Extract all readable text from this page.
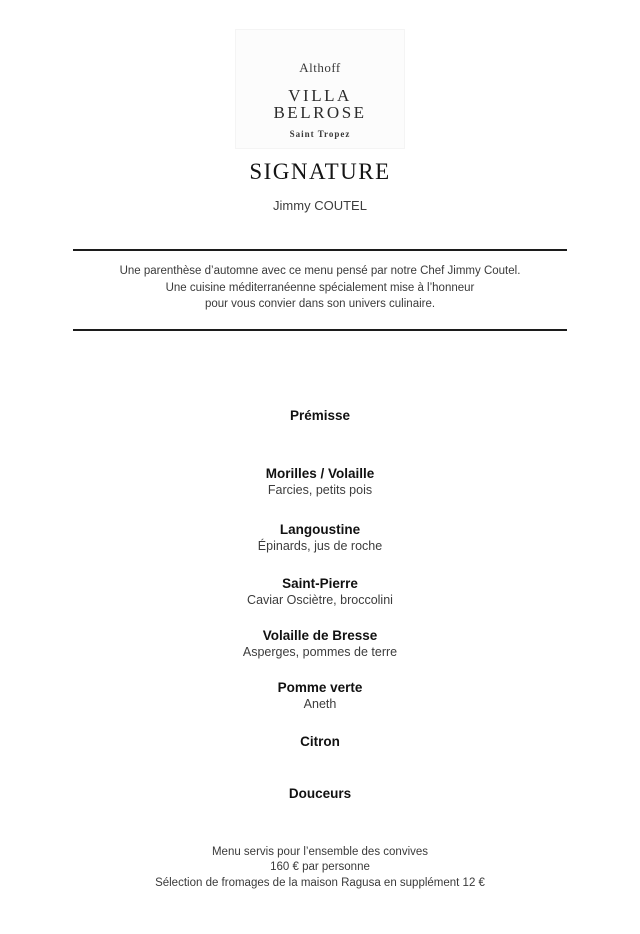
Althoff
VILLA
BELROSE
Saint Tropez
SIGNATURE
Jimmy COUTEL
Une parenthèse d’automne avec ce menu pensé par notre Chef Jimmy Coutel.
Une cuisine méditerranéenne spécialement mise à l’honneur
pour vous convier dans son univers culinaire.
Prémisse
Morilles / Volaille
Farcies, petits pois
Langoustine
Épinards, jus de roche
Saint-Pierre
Caviar Osciètre, broccolini
Volaille de Bresse
Asperges, pommes de terre
Pomme verte
Aneth
Citron
Douceurs
Menu servis pour l’ensemble des convives
160 € par personne
Sélection de fromages de la maison Ragusa en supplément 12 €
